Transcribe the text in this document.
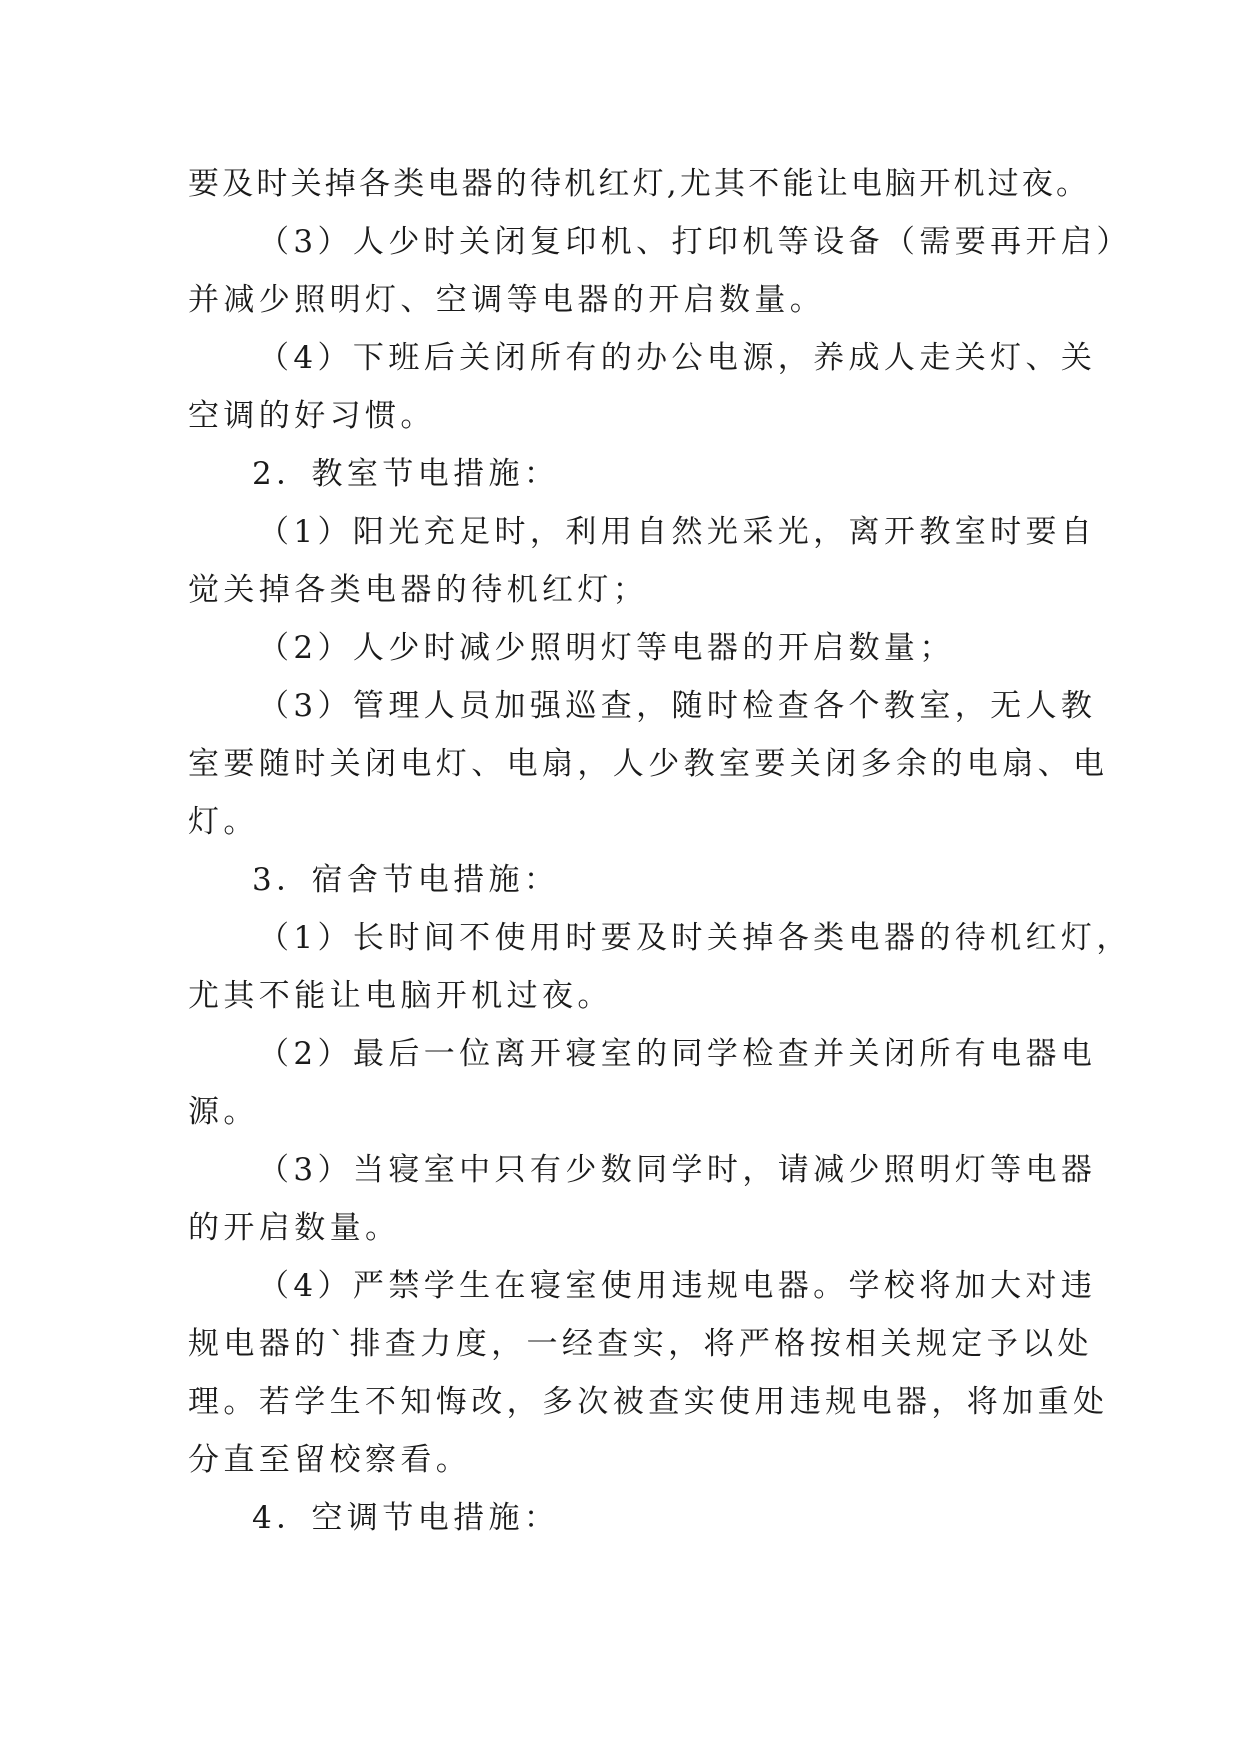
要及时关掉各类电器的待机红灯,尤其不能让电脑开机过夜。
（3）人少时关闭复印机、打印机等设备（需要再开启）
并减少照明灯、空调等电器的开启数量。
（4）下班后关闭所有的办公电源，养成人走关灯、关
空调的好习惯。
2．教室节电措施：
（1）阳光充足时，利用自然光采光，离开教室时要自
觉关掉各类电器的待机红灯；
（2）人少时减少照明灯等电器的开启数量；
（3）管理人员加强巡查，随时检查各个教室，无人教
室要随时关闭电灯、电扇，人少教室要关闭多余的电扇、电
灯。
3．宿舍节电措施：
（1）长时间不使用时要及时关掉各类电器的待机红灯，
尤其不能让电脑开机过夜。
（2）最后一位离开寝室的同学检查并关闭所有电器电
源。
（3）当寝室中只有少数同学时，请减少照明灯等电器
的开启数量。
（4）严禁学生在寝室使用违规电器。学校将加大对违
规电器的`排查力度，一经查实，将严格按相关规定予以处
理。若学生不知悔改，多次被查实使用违规电器，将加重处
分直至留校察看。
4．空调节电措施：
